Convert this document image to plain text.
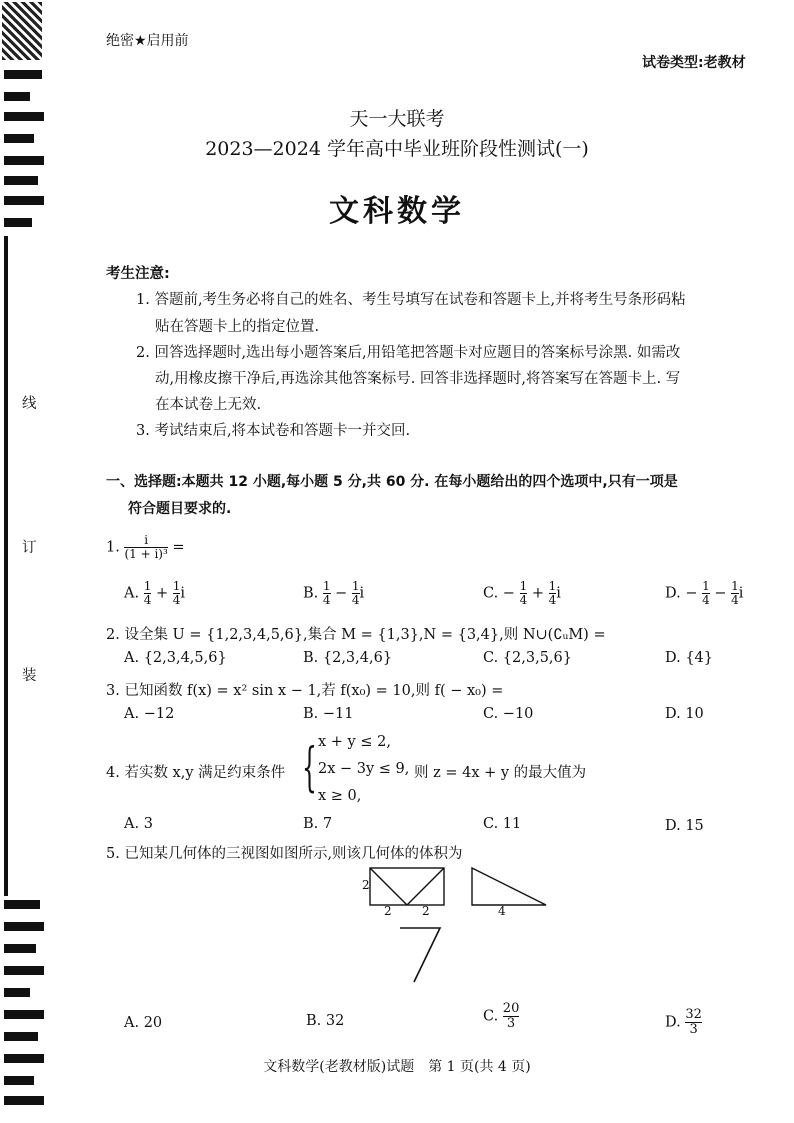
线
订
装
绝密★启用前
试卷类型:老教材
天一大联考
2023—2024 学年高中毕业班阶段性测试(一)
文科数学
考生注意:
1. 答题前,考生务必将自己的姓名、考生号填写在试卷和答题卡上,并将考生号条形码粘
贴在答题卡上的指定位置.
2. 回答选择题时,选出每小题答案后,用铅笔把答题卡对应题目的答案标号涂黑. 如需改
动,用橡皮擦干净后,再选涂其他答案标号. 回答非选择题时,将答案写在答题卡上. 写
在本试卷上无效.
3. 考试结束后,将本试卷和答题卡一并交回.
一、选择题:本题共 12 小题,每小题 5 分,共 60 分. 在每小题给出的四个选项中,只有一项是
符合题目要求的.
1. $\frac{i}{\text{(1 + i)³}}$ =
A. $\frac{1}{4} + \frac{1}{4}$ i	B. $\frac{1}{4} - \frac{1}{4}$ i	C. − $\frac{1}{4} + \frac{1}{4}$ i	D. − $\frac{1}{4} - \frac{1}{4}$ i
2. 设全集 U = {1,2,3,4,5,6},集合 M = {1,3},N = {3,4},则 N∪(∁ᵤM) =
A. {2,3,4,5,6}	B. {2,3,4,6}	C. {2,3,5,6}	D. {4}
3. 已知函数 f(x) = x² sin x − 1,若 f(x₀) = 10,则 f( − x₀) =
A. −12	B. −11	C. −10	D. 10
4. 若实数 x,y 满足约束条件 { x + y ≤ 2,
2x − 3y ≤ 9,
x ≥ 0,
则 z = 4x + y 的最大值为
A. 3	B. 7	C. 11	D. 15
5. 已知某几何体的三视图如图所示,则该几何体的体积为
2
2	2	4
A. 20	B. 32	C. $\frac{20}{3}$	D. $\frac{32}{3}$
文科数学(老教材版)试题　第 1 页(共 4 页)
